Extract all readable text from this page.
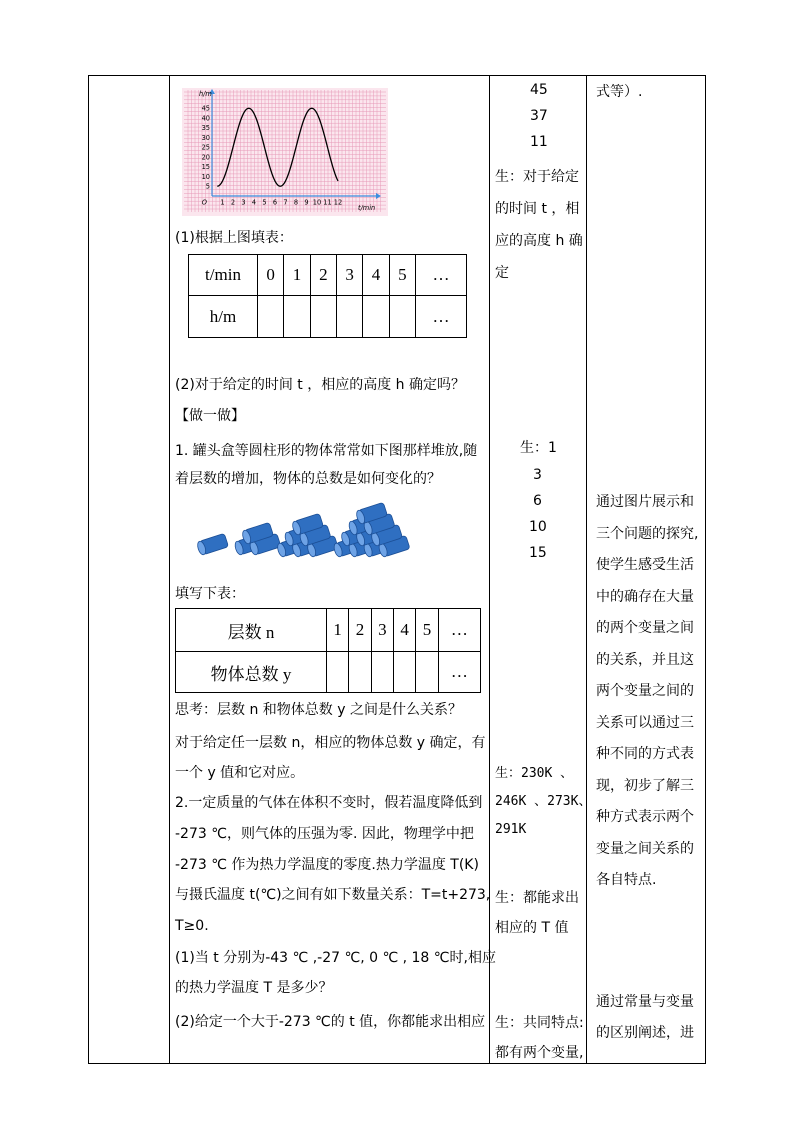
45
40
35
30
25
20
15
10
5
1 2 3 4 5 6 7 8 9 10 11 12
O
h/m
t/min
(1)根据上图填表：
t/min	0	1	2	3	4	5	…
h/m							…
(2)对于给定的时间 t ，相应的高度 h 确定吗？
【做一做】
1. 罐头盒等圆柱形的物体常常如下图那样堆放,随
着层数的增加，物体的总数是如何变化的？
填写下表：
层数 n	1	2	3	4	5	…
物体总数 y						…
思考：层数 n 和物体总数 y 之间是什么关系？
对于给定任一层数 n，相应的物体总数 y 确定，有
一个 y 值和它对应。
2.一定质量的气体在体积不变时，假若温度降低到
-273 ℃，则气体的压强为零. 因此，物理学中把
-273 ℃ 作为热力学温度的零度.热力学温度 T(K)
与摄氏温度 t(℃)之间有如下数量关系：T=t+273,
T≥0.
(1)当 t 分别为-43 ℃ ,-27 ℃, 0 ℃ , 18 ℃时,相应
的热力学温度 T 是多少？
(2)给定一个大于-273 ℃的 t 值，你都能求出相应
45
37
11
生：对于给定
的时间 t ，相
应的高度 h 确
定
生：1
3
6
10
15
生：230K 、
246K 、273K、
291K
生：都能求出
相应的 T 值
生：共同特点:
都有两个变量,
式等）.
通过图片展示和
三个问题的探究,
使学生感受生活
中的确存在大量
的两个变量之间
的关系，并且这
两个变量之间的
关系可以通过三
种不同的方式表
现，初步了解三
种方式表示两个
变量之间关系的
各自特点.
通过常量与变量
的区别阐述，进
